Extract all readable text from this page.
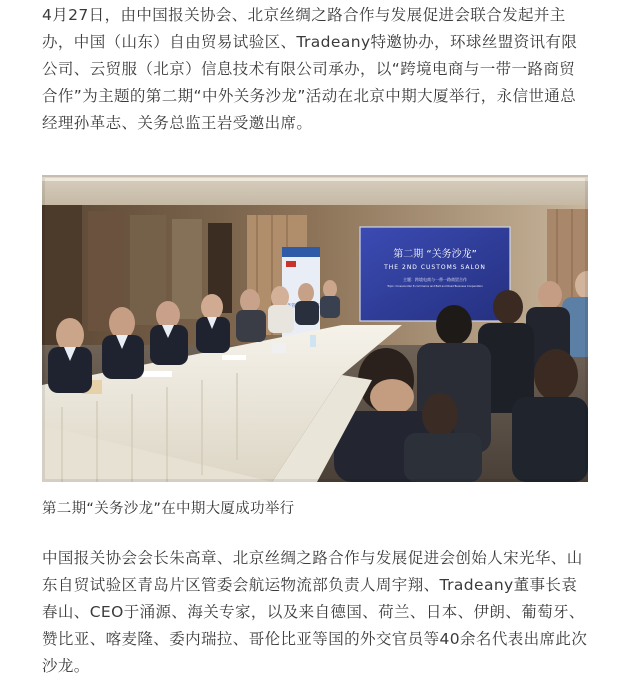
4月27日，由中国报关协会、北京丝绸之路合作与发展促进会联合发起并主办，中国（山东）自由贸易试验区、Tradeany特邀协办，环球丝盟资讯有限公司、云贸服（北京）信息技术有限公司承办，以“跨境电商与一带一路商贸合作”为主题的第二期“中外关务沙龙”活动在北京中期大厦举行，永信世通总经理孙革志、关务总监王岩受邀出席。

第二期 “关务沙龙”
THE 2ND CUSTOMS SALON
主题：跨境电商与一带一路商贸合作
Topic: Cross-border E-commerce and Belt and Road Business Cooperation

第二期“关务沙龙”在中期大厦成功举行

中国报关协会会长朱高章、北京丝绸之路合作与发展促进会创始人宋光华、山东自贸试验区青岛片区管委会航运物流部负责人周宇翔、Tradeany董事长袁春山、CEO于涌源、海关专家，以及来自德国、荷兰、日本、伊朗、葡萄牙、赞比亚、喀麦隆、委内瑞拉、哥伦比亚等国的外交官员等40余名代表出席此次沙龙。
